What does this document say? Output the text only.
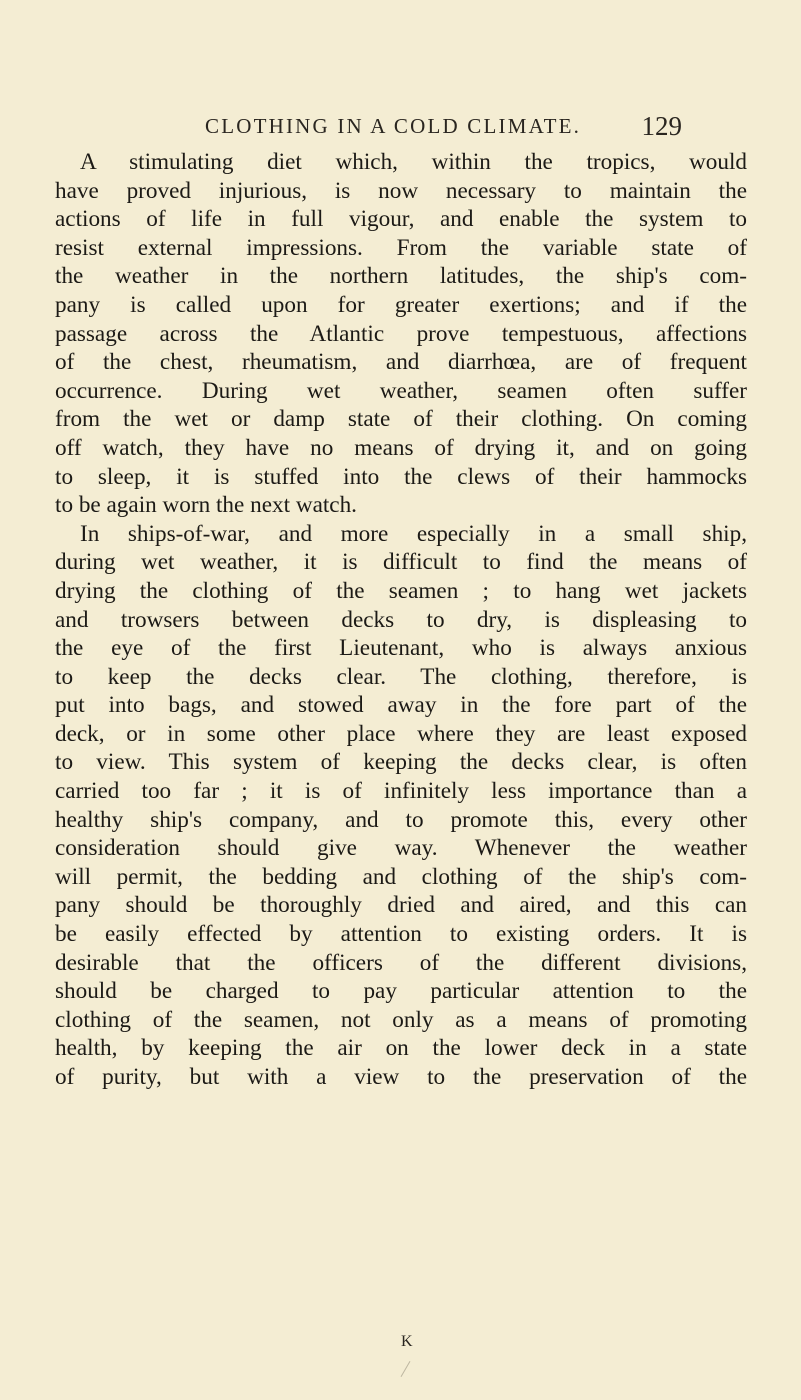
CLOTHING IN A COLD CLIMATE. 129
A stimulating diet which, within the tropics, would
have proved injurious, is now necessary to maintain the
actions of life in full vigour, and enable the system to
resist external impressions. From the variable state of
the weather in the northern latitudes, the ship's com-
pany is called upon for greater exertions; and if the
passage across the Atlantic prove tempestuous, affections
of the chest, rheumatism, and diarrhœa, are of frequent
occurrence. During wet weather, seamen often suffer
from the wet or damp state of their clothing. On coming
off watch, they have no means of drying it, and on going
to sleep, it is stuffed into the clews of their hammocks
to be again worn the next watch.
In ships-of-war, and more especially in a small ship,
during wet weather, it is difficult to find the means of
drying the clothing of the seamen ; to hang wet jackets
and trowsers between decks to dry, is displeasing to
the eye of the first Lieutenant, who is always anxious
to keep the decks clear. The clothing, therefore, is
put into bags, and stowed away in the fore part of the
deck, or in some other place where they are least exposed
to view. This system of keeping the decks clear, is often
carried too far ; it is of infinitely less importance than a
healthy ship's company, and to promote this, every other
consideration should give way. Whenever the weather
will permit, the bedding and clothing of the ship's com-
pany should be thoroughly dried and aired, and this can
be easily effected by attention to existing orders. It is
desirable that the officers of the different divisions,
should be charged to pay particular attention to the
clothing of the seamen, not only as a means of promoting
health, by keeping the air on the lower deck in a state
of purity, but with a view to the preservation of the
K
